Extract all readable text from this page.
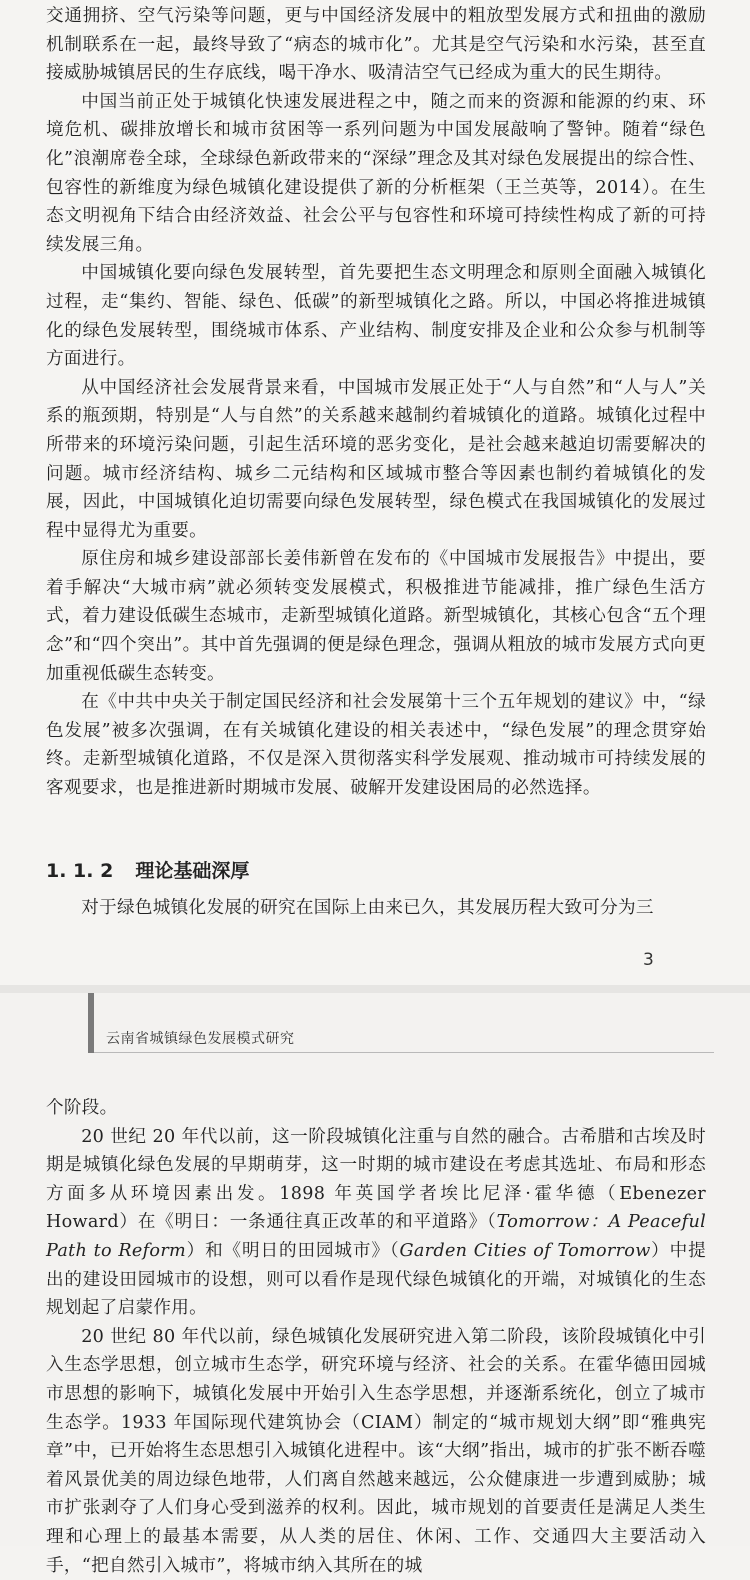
交通拥挤、空气污染等问题，更与中国经济发展中的粗放型发展方式和扭曲的激励机制联系在一起，最终导致了“病态的城市化”。尤其是空气污染和水污染，甚至直接威胁城镇居民的生存底线，喝干净水、吸清洁空气已经成为重大的民生期待。

中国当前正处于城镇化快速发展进程之中，随之而来的资源和能源的约束、环境危机、碳排放增长和城市贫困等一系列问题为中国发展敲响了警钟。随着“绿色化”浪潮席卷全球，全球绿色新政带来的“深绿”理念及其对绿色发展提出的综合性、包容性的新维度为绿色城镇化建设提供了新的分析框架（王兰英等，2014）。在生态文明视角下结合由经济效益、社会公平与包容性和环境可持续性构成了新的可持续发展三角。

中国城镇化要向绿色发展转型，首先要把生态文明理念和原则全面融入城镇化过程，走“集约、智能、绿色、低碳”的新型城镇化之路。所以，中国必将推进城镇化的绿色发展转型，围绕城市体系、产业结构、制度安排及企业和公众参与机制等方面进行。

从中国经济社会发展背景来看，中国城市发展正处于“人与自然”和“人与人”关系的瓶颈期，特别是“人与自然”的关系越来越制约着城镇化的道路。城镇化过程中所带来的环境污染问题，引起生活环境的恶劣变化，是社会越来越迫切需要解决的问题。城市经济结构、城乡二元结构和区域城市整合等因素也制约着城镇化的发展，因此，中国城镇化迫切需要向绿色发展转型，绿色模式在我国城镇化的发展过程中显得尤为重要。

原住房和城乡建设部部长姜伟新曾在发布的《中国城市发展报告》中提出，要着手解决“大城市病”就必须转变发展模式，积极推进节能减排，推广绿色生活方式，着力建设低碳生态城市，走新型城镇化道路。新型城镇化，其核心包含“五个理念”和“四个突出”。其中首先强调的便是绿色理念，强调从粗放的城市发展方式向更加重视低碳生态转变。

在《中共中央关于制定国民经济和社会发展第十三个五年规划的建议》中，“绿色发展”被多次强调，在有关城镇化建设的相关表述中，“绿色发展”的理念贯穿始终。走新型城镇化道路，不仅是深入贯彻落实科学发展观、推动城市可持续发展的客观要求，也是推进新时期城市发展、破解开发建设困局的必然选择。

1. 1. 2 理论基础深厚

对于绿色城镇化发展的研究在国际上由来已久，其发展历程大致可分为三

3
云南省城镇绿色发展模式研究

个阶段。

20 世纪 20 年代以前，这一阶段城镇化注重与自然的融合。古希腊和古埃及时期是城镇化绿色发展的早期萌芽，这一时期的城市建设在考虑其选址、布局和形态方面多从环境因素出发。1898 年英国学者埃比尼泽·霍华德（Ebenezer Howard）在《明日：一条通往真正改革的和平道路》（Tomorrow：A Peaceful Path to Reform）和《明日的田园城市》（Garden Cities of Tomorrow）中提出的建设田园城市的设想，则可以看作是现代绿色城镇化的开端，对城镇化的生态规划起了启蒙作用。

20 世纪 80 年代以前，绿色城镇化发展研究进入第二阶段，该阶段城镇化中引入生态学思想，创立城市生态学，研究环境与经济、社会的关系。在霍华德田园城市思想的影响下，城镇化发展中开始引入生态学思想，并逐渐系统化，创立了城市生态学。1933 年国际现代建筑协会（CIAM）制定的“城市规划大纲”即“雅典宪章”中，已开始将生态思想引入城镇化进程中。该“大纲”指出，城市的扩张不断吞噬着风景优美的周边绿色地带，人们离自然越来越远，公众健康进一步遭到威胁；城市扩张剥夺了人们身心受到滋养的权利。因此，城市规划的首要责任是满足人类生理和心理上的最基本需要，从人类的居住、休闲、工作、交通四大主要活动入手，“把自然引入城市”，将城市纳入其所在的城
